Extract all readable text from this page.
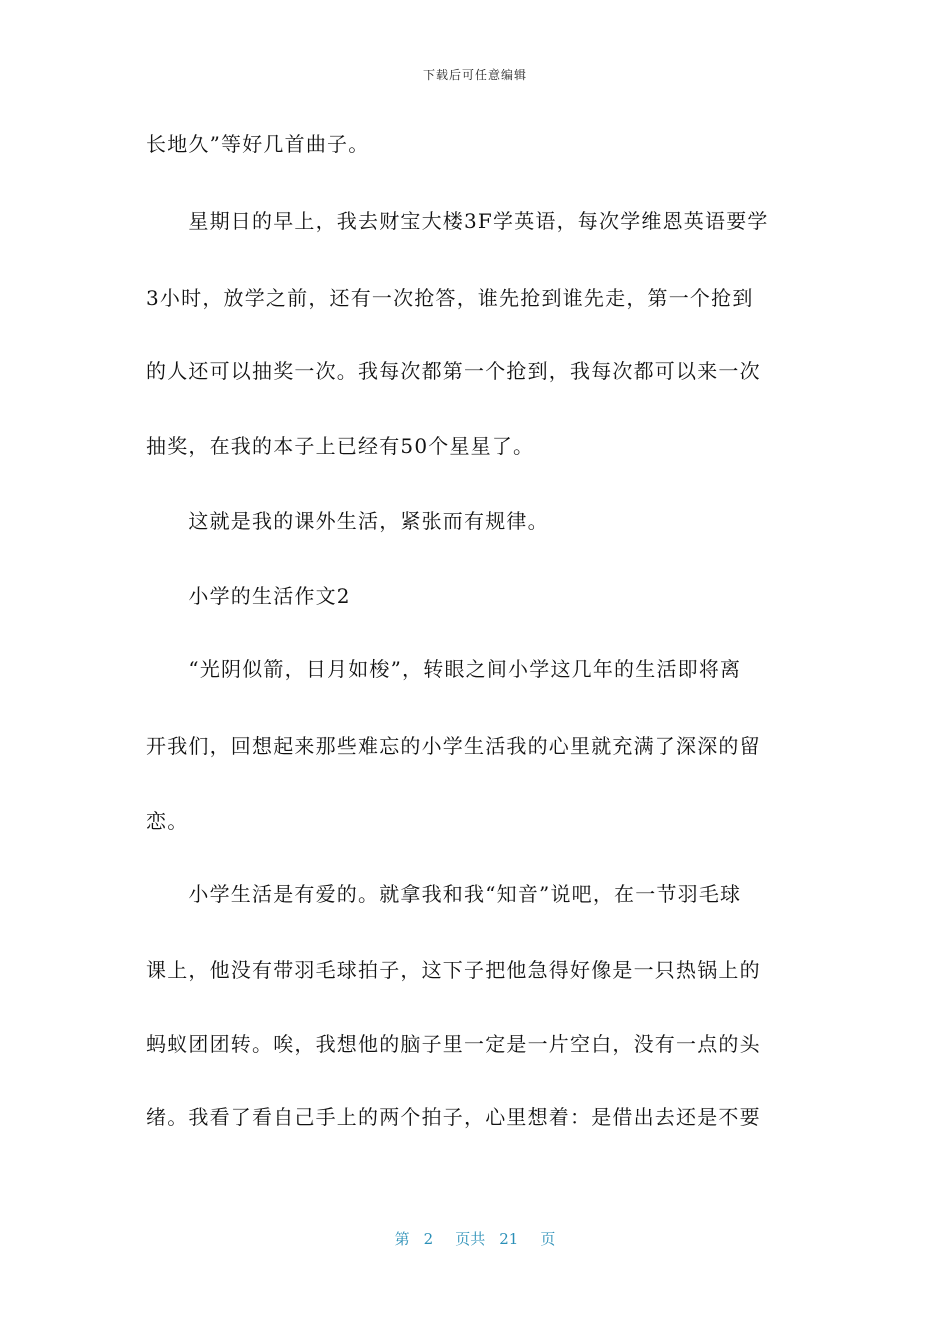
下载后可任意编辑
长地久”等好几首曲子。
　　星期日的早上，我去财宝大楼3F学英语，每次学维恩英语要学
3小时，放学之前，还有一次抢答，谁先抢到谁先走，第一个抢到
的人还可以抽奖一次。我每次都第一个抢到，我每次都可以来一次
抽奖，在我的本子上已经有50个星星了。
　　这就是我的课外生活，紧张而有规律。
　　小学的生活作文2
　　“光阴似箭，日月如梭”，转眼之间小学这几年的生活即将离
开我们，回想起来那些难忘的小学生活我的心里就充满了深深的留
恋。
　　小学生活是有爱的。就拿我和我“知音”说吧，在一节羽毛球
课上，他没有带羽毛球拍子，这下子把他急得好像是一只热锅上的
蚂蚁团团转。唉，我想他的脑子里一定是一片空白，没有一点的头
绪。我看了看自己手上的两个拍子，心里想着：是借出去还是不要
第 2 页共 21 页
